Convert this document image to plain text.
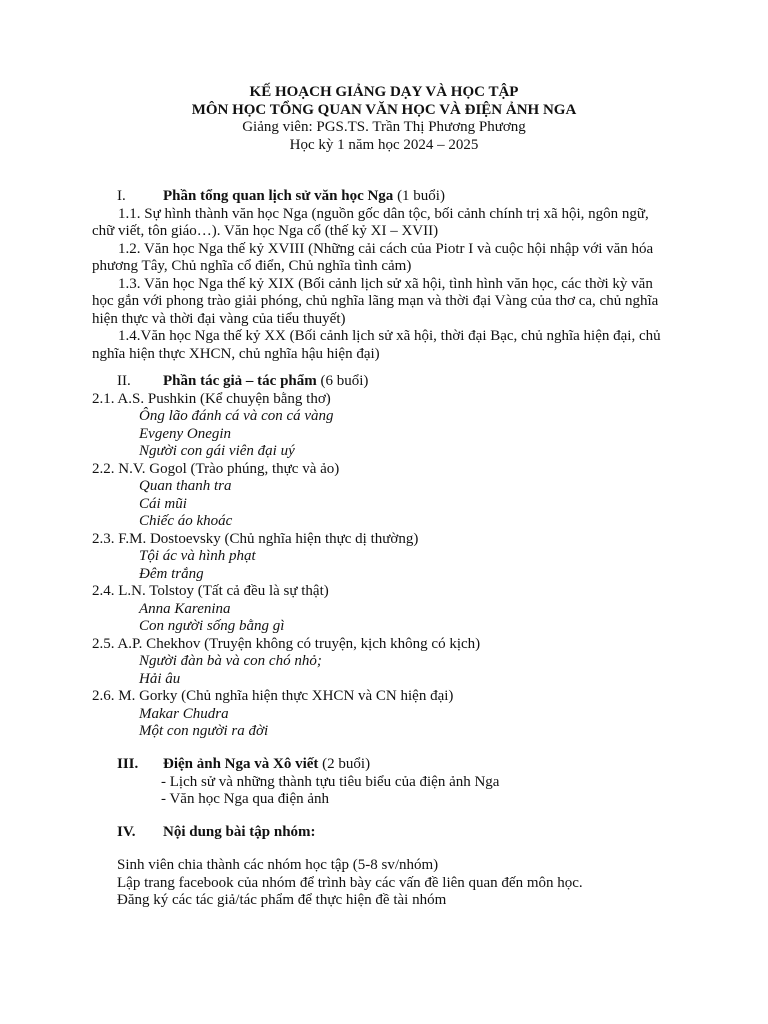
KẾ HOẠCH GIẢNG DẠY VÀ HỌC TẬP
MÔN HỌC TỔNG QUAN VĂN HỌC VÀ ĐIỆN ẢNH NGA
Giảng viên: PGS.TS. Trần Thị Phương Phương
Học kỳ 1 năm học 2024 – 2025
I. Phần tổng quan lịch sử văn học Nga (1 buổi)
1.1. Sự hình thành văn học Nga (nguồn gốc dân tộc, bối cảnh chính trị xã hội, ngôn ngữ, chữ viết, tôn giáo…). Văn học Nga cổ (thế kỷ XI – XVII)
1.2. Văn học Nga thế kỷ XVIII (Những cải cách của Piotr I và cuộc hội nhập với văn hóa phương Tây, Chủ nghĩa cổ điển, Chủ nghĩa tình cảm)
1.3. Văn học Nga thế kỷ XIX (Bối cảnh lịch sử xã hội, tình hình văn học, các thời kỳ văn học gắn với phong trào giải phóng, chủ nghĩa lãng mạn và thời đại Vàng của thơ ca, chủ nghĩa hiện thực và thời đại vàng của tiểu thuyết)
1.4.Văn học Nga thế kỷ XX (Bối cảnh lịch sử xã hội, thời đại Bạc, chủ nghĩa hiện đại, chủ nghĩa hiện thực XHCN, chủ nghĩa hậu hiện đại)
II. Phần tác giả – tác phẩm (6 buổi)
2.1. A.S. Pushkin (Kể chuyện bằng thơ)
Ông lão đánh cá và con cá vàng
Evgeny Onegin
Người con gái viên đại uý
2.2. N.V. Gogol (Trào phúng, thực và ảo)
Quan thanh tra
Cái mũi
Chiếc áo khoác
2.3. F.M. Dostoevsky (Chủ nghĩa hiện thực dị thường)
Tội ác và hình phạt
Đêm trắng
2.4. L.N. Tolstoy (Tất cả đều là sự thật)
Anna Karenina
Con người sống bằng gì
2.5. A.P. Chekhov (Truyện không có truyện, kịch không có kịch)
Người đàn bà và con chó nhỏ;
Hải âu
2.6. M. Gorky (Chủ nghĩa hiện thực XHCN và CN hiện đại)
Makar Chudra
Một con người ra đời
III. Điện ảnh Nga và Xô viết (2 buổi)
- Lịch sử và những thành tựu tiêu biểu của điện ảnh Nga
- Văn học Nga qua điện ảnh
IV. Nội dung bài tập nhóm:
Sinh viên chia thành các nhóm học tập (5-8 sv/nhóm)
Lập trang facebook của nhóm để trình bày các vấn đề liên quan đến môn học.
Đăng ký các tác giả/tác phẩm để thực hiện đề tài nhóm
